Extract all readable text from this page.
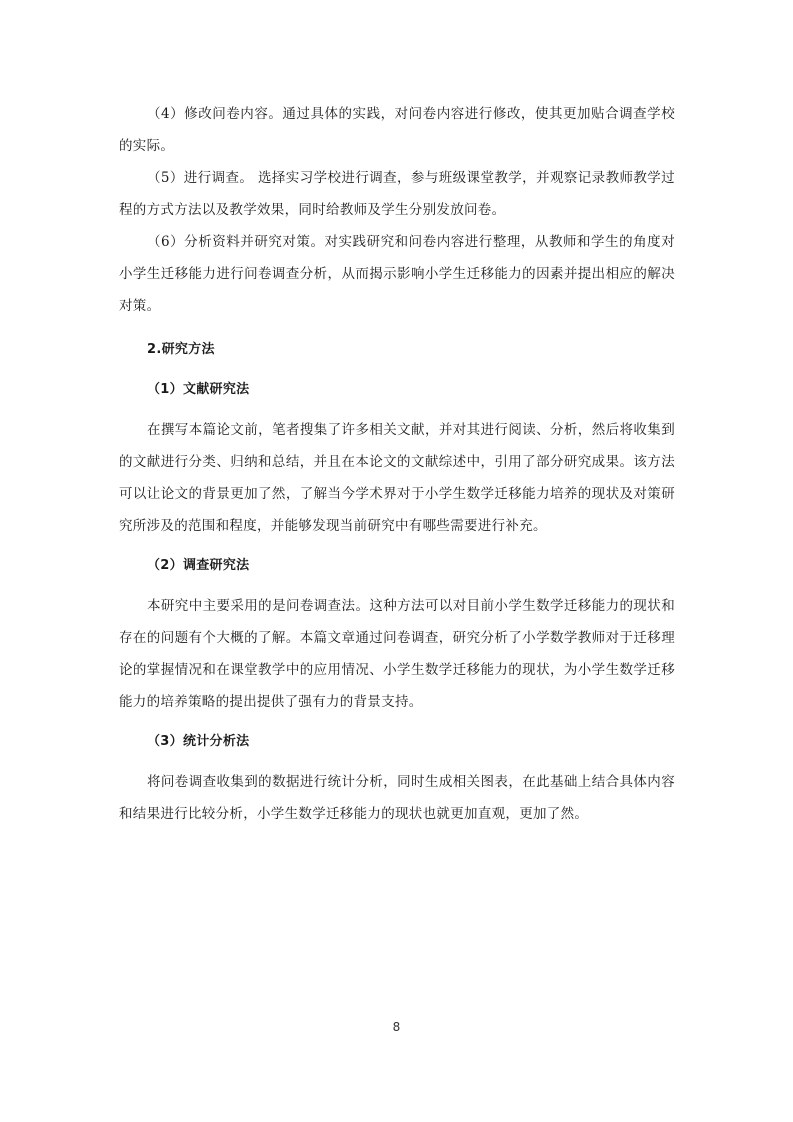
（4）修改问卷内容。通过具体的实践，对问卷内容进行修改，使其更加贴合调查学校的实际。

（5）进行调查。 选择实习学校进行调查，参与班级课堂教学，并观察记录教师教学过程的方式方法以及教学效果，同时给教师及学生分别发放问卷。

（6）分析资料并研究对策。对实践研究和问卷内容进行整理，从教师和学生的角度对小学生迁移能力进行问卷调查分析，从而揭示影响小学生迁移能力的因素并提出相应的解决对策。

2.研究方法

（1）文献研究法

在撰写本篇论文前，笔者搜集了许多相关文献，并对其进行阅读、分析，然后将收集到的文献进行分类、归纳和总结，并且在本论文的文献综述中，引用了部分研究成果。该方法可以让论文的背景更加了然，了解当今学术界对于小学生数学迁移能力培养的现状及对策研究所涉及的范围和程度，并能够发现当前研究中有哪些需要进行补充。

（2）调查研究法

本研究中主要采用的是问卷调查法。这种方法可以对目前小学生数学迁移能力的现状和存在的问题有个大概的了解。本篇文章通过问卷调查，研究分析了小学数学教师对于迁移理论的掌握情况和在课堂教学中的应用情况、小学生数学迁移能力的现状，为小学生数学迁移能力的培养策略的提出提供了强有力的背景支持。

（3）统计分析法

将问卷调查收集到的数据进行统计分析，同时生成相关图表，在此基础上结合具体内容和结果进行比较分析，小学生数学迁移能力的现状也就更加直观，更加了然。

8
